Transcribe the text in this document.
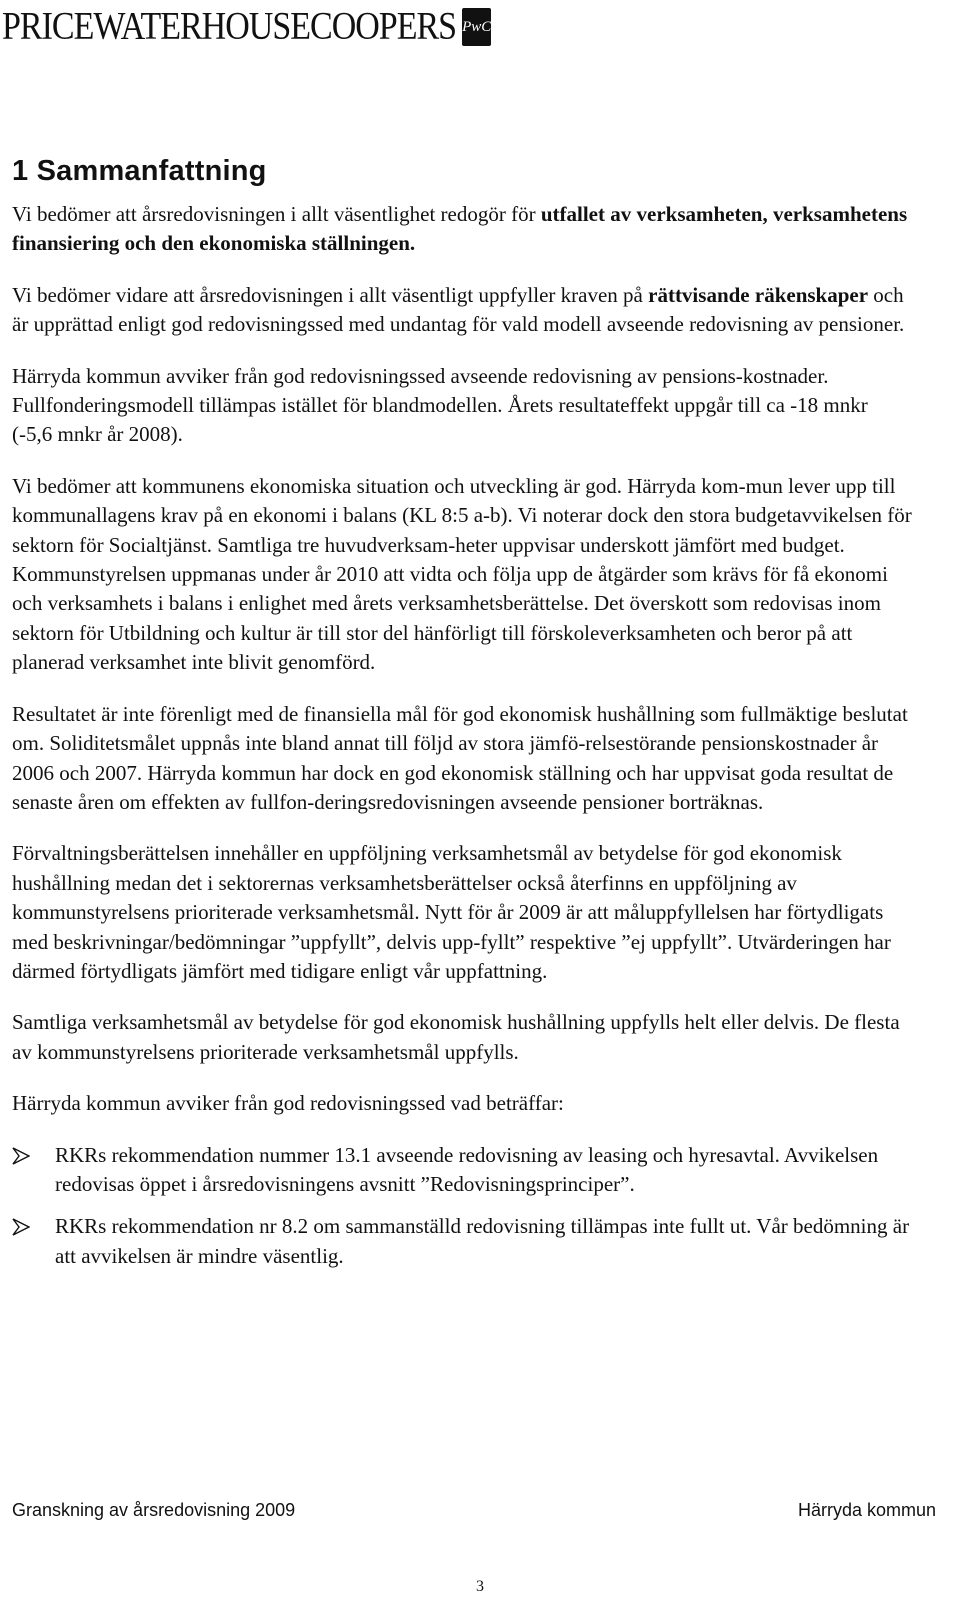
PRICEWATERHOUSECOOPERS PwC
1 Sammanfattning
Vi bedömer att årsredovisningen i allt väsentlighet redogör för utfallet av verksamheten, verksamhetens finansiering och den ekonomiska ställningen.
Vi bedömer vidare att årsredovisningen i allt väsentligt uppfyller kraven på rättvisande räkenskaper och är upprättad enligt god redovisningssed med undantag för vald modell avseende redovisning av pensioner.
Härryda kommun avviker från god redovisningssed avseende redovisning av pensions-kostnader. Fullfonderingsmodell tillämpas istället för blandmodellen. Årets resultateffekt uppgår till ca -18 mnkr (-5,6 mnkr år 2008).
Vi bedömer att kommunens ekonomiska situation och utveckling är god. Härryda kom-mun lever upp till kommunallagens krav på en ekonomi i balans (KL 8:5 a-b). Vi noterar dock den stora budgetavvikelsen för sektorn för Socialtjänst. Samtliga tre huvudverksam-heter uppvisar underskott jämfört med budget. Kommunstyrelsen uppmanas under år 2010 att vidta och följa upp de åtgärder som krävs för få ekonomi och verksamhets i balans i enlighet med årets verksamhetsberättelse. Det överskott som redovisas inom sektorn för Utbildning och kultur är till stor del hänförligt till förskoleverksamheten och beror på att planerad verksamhet inte blivit genomförd.
Resultatet är inte förenligt med de finansiella mål för god ekonomisk hushållning som fullmäktige beslutat om. Soliditetsmålet uppnås inte bland annat till följd av stora jämfö-relsestörande pensionskostnader år 2006 och 2007. Härryda kommun har dock en god ekonomisk ställning och har uppvisat goda resultat de senaste åren om effekten av fullfon-deringsredovisningen avseende pensioner borträknas.
Förvaltningsberättelsen innehåller en uppföljning verksamhetsmål av betydelse för god ekonomisk hushållning medan det i sektorernas verksamhetsberättelser också återfinns en uppföljning av kommunstyrelsens prioriterade verksamhetsmål. Nytt för år 2009 är att måluppfyllelsen har förtydligats med beskrivningar/bedömningar ”uppfyllt”, delvis upp-fyllt” respektive ”ej uppfyllt”. Utvärderingen har därmed förtydligats jämfört med tidigare enligt vår uppfattning.
Samtliga verksamhetsmål av betydelse för god ekonomisk hushållning uppfylls helt eller delvis. De flesta av kommunstyrelsens prioriterade verksamhetsmål uppfylls.
Härryda kommun avviker från god redovisningssed vad beträffar:
RKRs rekommendation nummer 13.1 avseende redovisning av leasing och hyresavtal. Avvikelsen redovisas öppet i årsredovisningens avsnitt ”Redovisningsprinciper”.
RKRs rekommendation nr 8.2 om sammanställd redovisning tillämpas inte fullt ut. Vår bedömning är att avvikelsen är mindre väsentlig.
Granskning av årsredovisning 2009	Härryda kommun
3
